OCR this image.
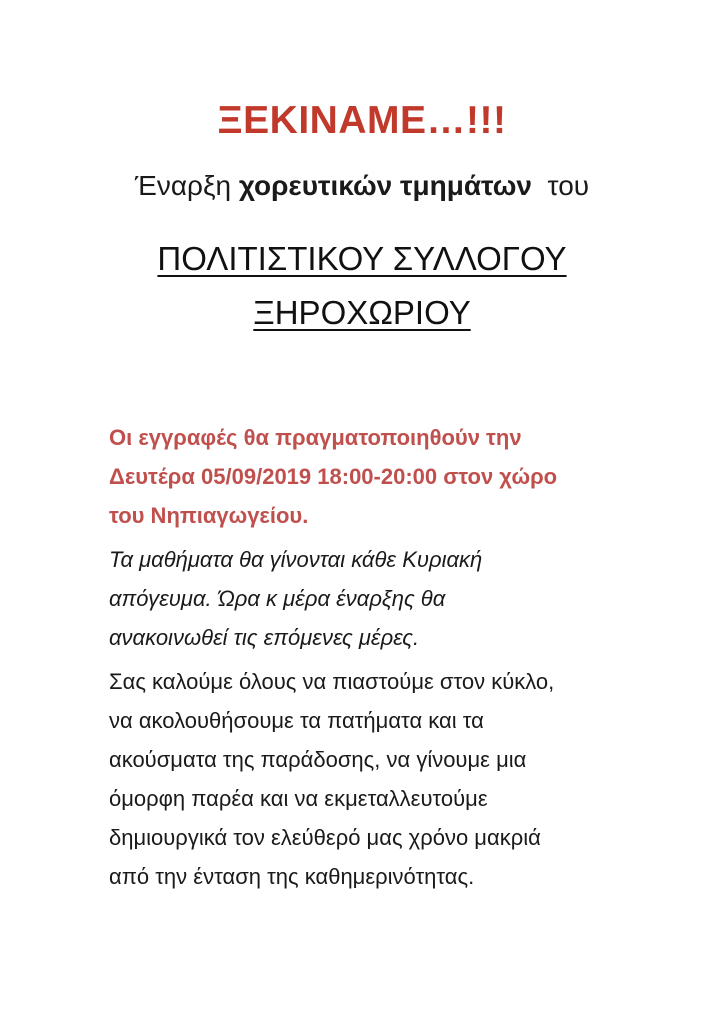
ΞΕΚΙΝΑΜΕ…!!!
Έναρξη χορευτικών τμημάτων  του
ΠΟΛΙΤΙΣΤΙΚΟΥ ΣΥΛΛΟΓΟΥ
ΞΗΡΟΧΩΡΙΟΥ
Οι εγγραφές θα πραγματοποιηθούν την
Δευτέρα 05/09/2019 18:00-20:00 στον χώρο
του Νηπιαγωγείου.
Τα μαθήματα θα γίνονται κάθε Κυριακή
απόγευμα. Ώρα κ μέρα έναρξης θα
ανακοινωθεί τις επόμενες μέρες.
Σας καλούμε όλους να πιαστούμε στον κύκλο,
να ακολουθήσουμε τα πατήματα και τα
ακούσματα της παράδοσης, να γίνουμε μια
όμορφη παρέα και να εκμεταλλευτούμε
δημιουργικά τον ελεύθερό μας χρόνο μακριά
από την ένταση της καθημερινότητας.
